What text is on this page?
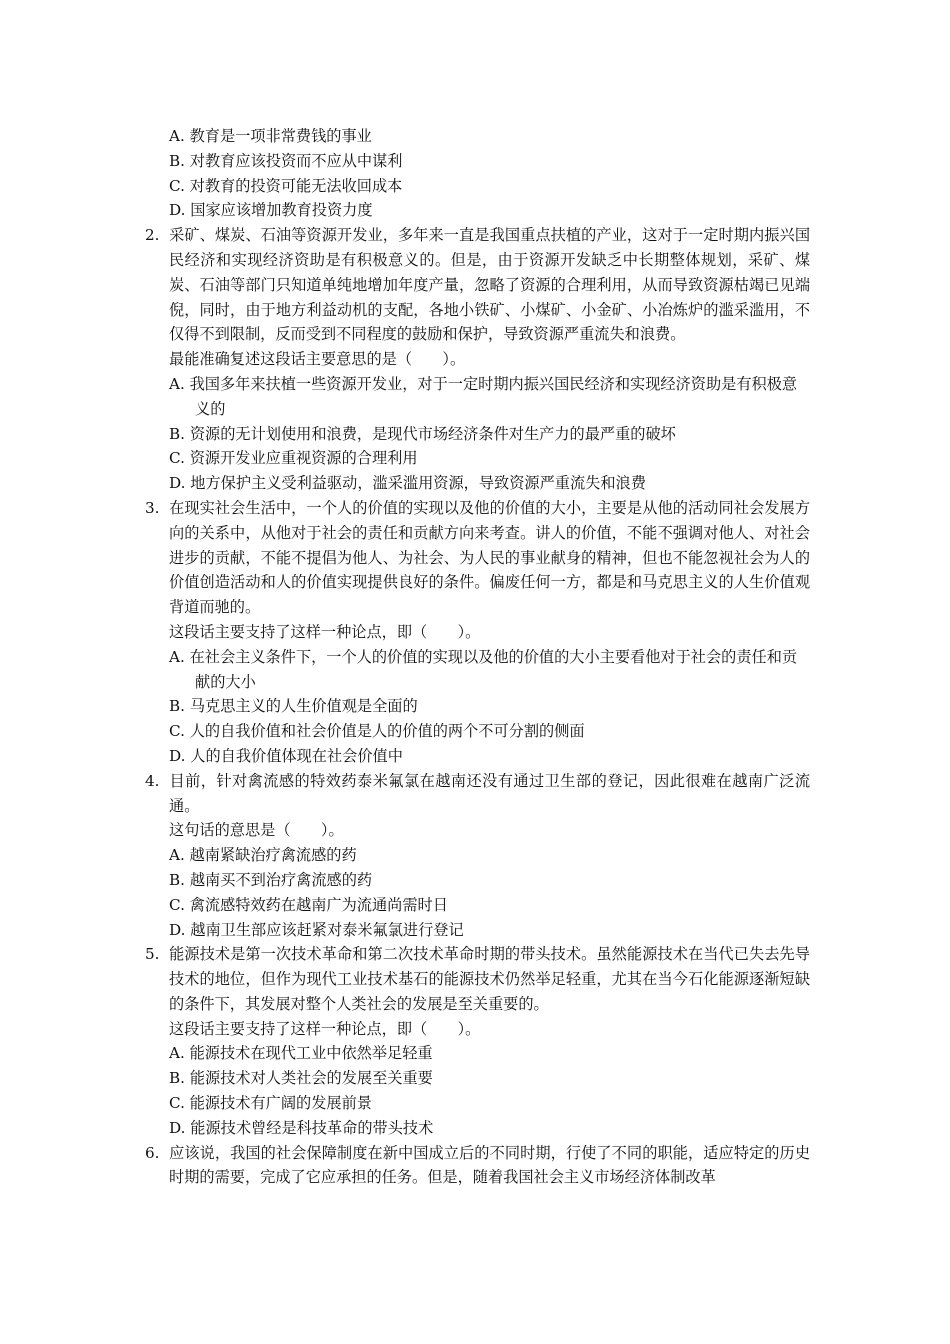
A. 教育是一项非常费钱的事业
B. 对教育应该投资而不应从中谋利
C. 对教育的投资可能无法收回成本
D. 国家应该增加教育投资力度
2. 采矿、煤炭、石油等资源开发业，多年来一直是我国重点扶植的产业，这对于一定时期内振兴国民经济和实现经济资助是有积极意义的。但是，由于资源开发缺乏中长期整体规划，采矿、煤炭、石油等部门只知道单纯地增加年度产量，忽略了资源的合理利用，从而导致资源枯竭已见端倪，同时，由于地方利益动机的支配，各地小铁矿、小煤矿、小金矿、小冶炼炉的滥采滥用，不仅得不到限制，反而受到不同程度的鼓励和保护，导致资源严重流失和浪费。
最能准确复述这段话主要意思的是（　　）。
A. 我国多年来扶植一些资源开发业，对于一定时期内振兴国民经济和实现经济资助是有积极意义的
B. 资源的无计划使用和浪费，是现代市场经济条件对生产力的最严重的破坏
C. 资源开发业应重视资源的合理利用
D. 地方保护主义受利益驱动，滥采滥用资源，导致资源严重流失和浪费
3. 在现实社会生活中，一个人的价值的实现以及他的价值的大小，主要是从他的活动同社会发展方向的关系中，从他对于社会的责任和贡献方向来考查。讲人的价值，不能不强调对他人、对社会进步的贡献，不能不提倡为他人、为社会、为人民的事业献身的精神，但也不能忽视社会为人的价值创造活动和人的价值实现提供良好的条件。偏废任何一方，都是和马克思主义的人生价值观背道而驰的。
这段话主要支持了这样一种论点，即（　　）。
A. 在社会主义条件下，一个人的价值的实现以及他的价值的大小主要看他对于社会的责任和贡献的大小
B. 马克思主义的人生价值观是全面的
C. 人的自我价值和社会价值是人的价值的两个不可分割的侧面
D. 人的自我价值体现在社会价值中
4. 目前，针对禽流感的特效药泰米氟氯在越南还没有通过卫生部的登记，因此很难在越南广泛流通。
这句话的意思是（　　）。
A. 越南紧缺治疗禽流感的药
B. 越南买不到治疗禽流感的药
C. 禽流感特效药在越南广为流通尚需时日
D. 越南卫生部应该赶紧对泰米氟氯进行登记
5. 能源技术是第一次技术革命和第二次技术革命时期的带头技术。虽然能源技术在当代已失去先导技术的地位，但作为现代工业技术基石的能源技术仍然举足轻重，尤其在当今石化能源逐渐短缺的条件下，其发展对整个人类社会的发展是至关重要的。
这段话主要支持了这样一种论点，即（　　）。
A. 能源技术在现代工业中依然举足轻重
B. 能源技术对人类社会的发展至关重要
C. 能源技术有广阔的发展前景
D. 能源技术曾经是科技革命的带头技术
6. 应该说，我国的社会保障制度在新中国成立后的不同时期，行使了不同的职能，适应特定的历史时期的需要，完成了它应承担的任务。但是，随着我国社会主义市场经济体制改革
